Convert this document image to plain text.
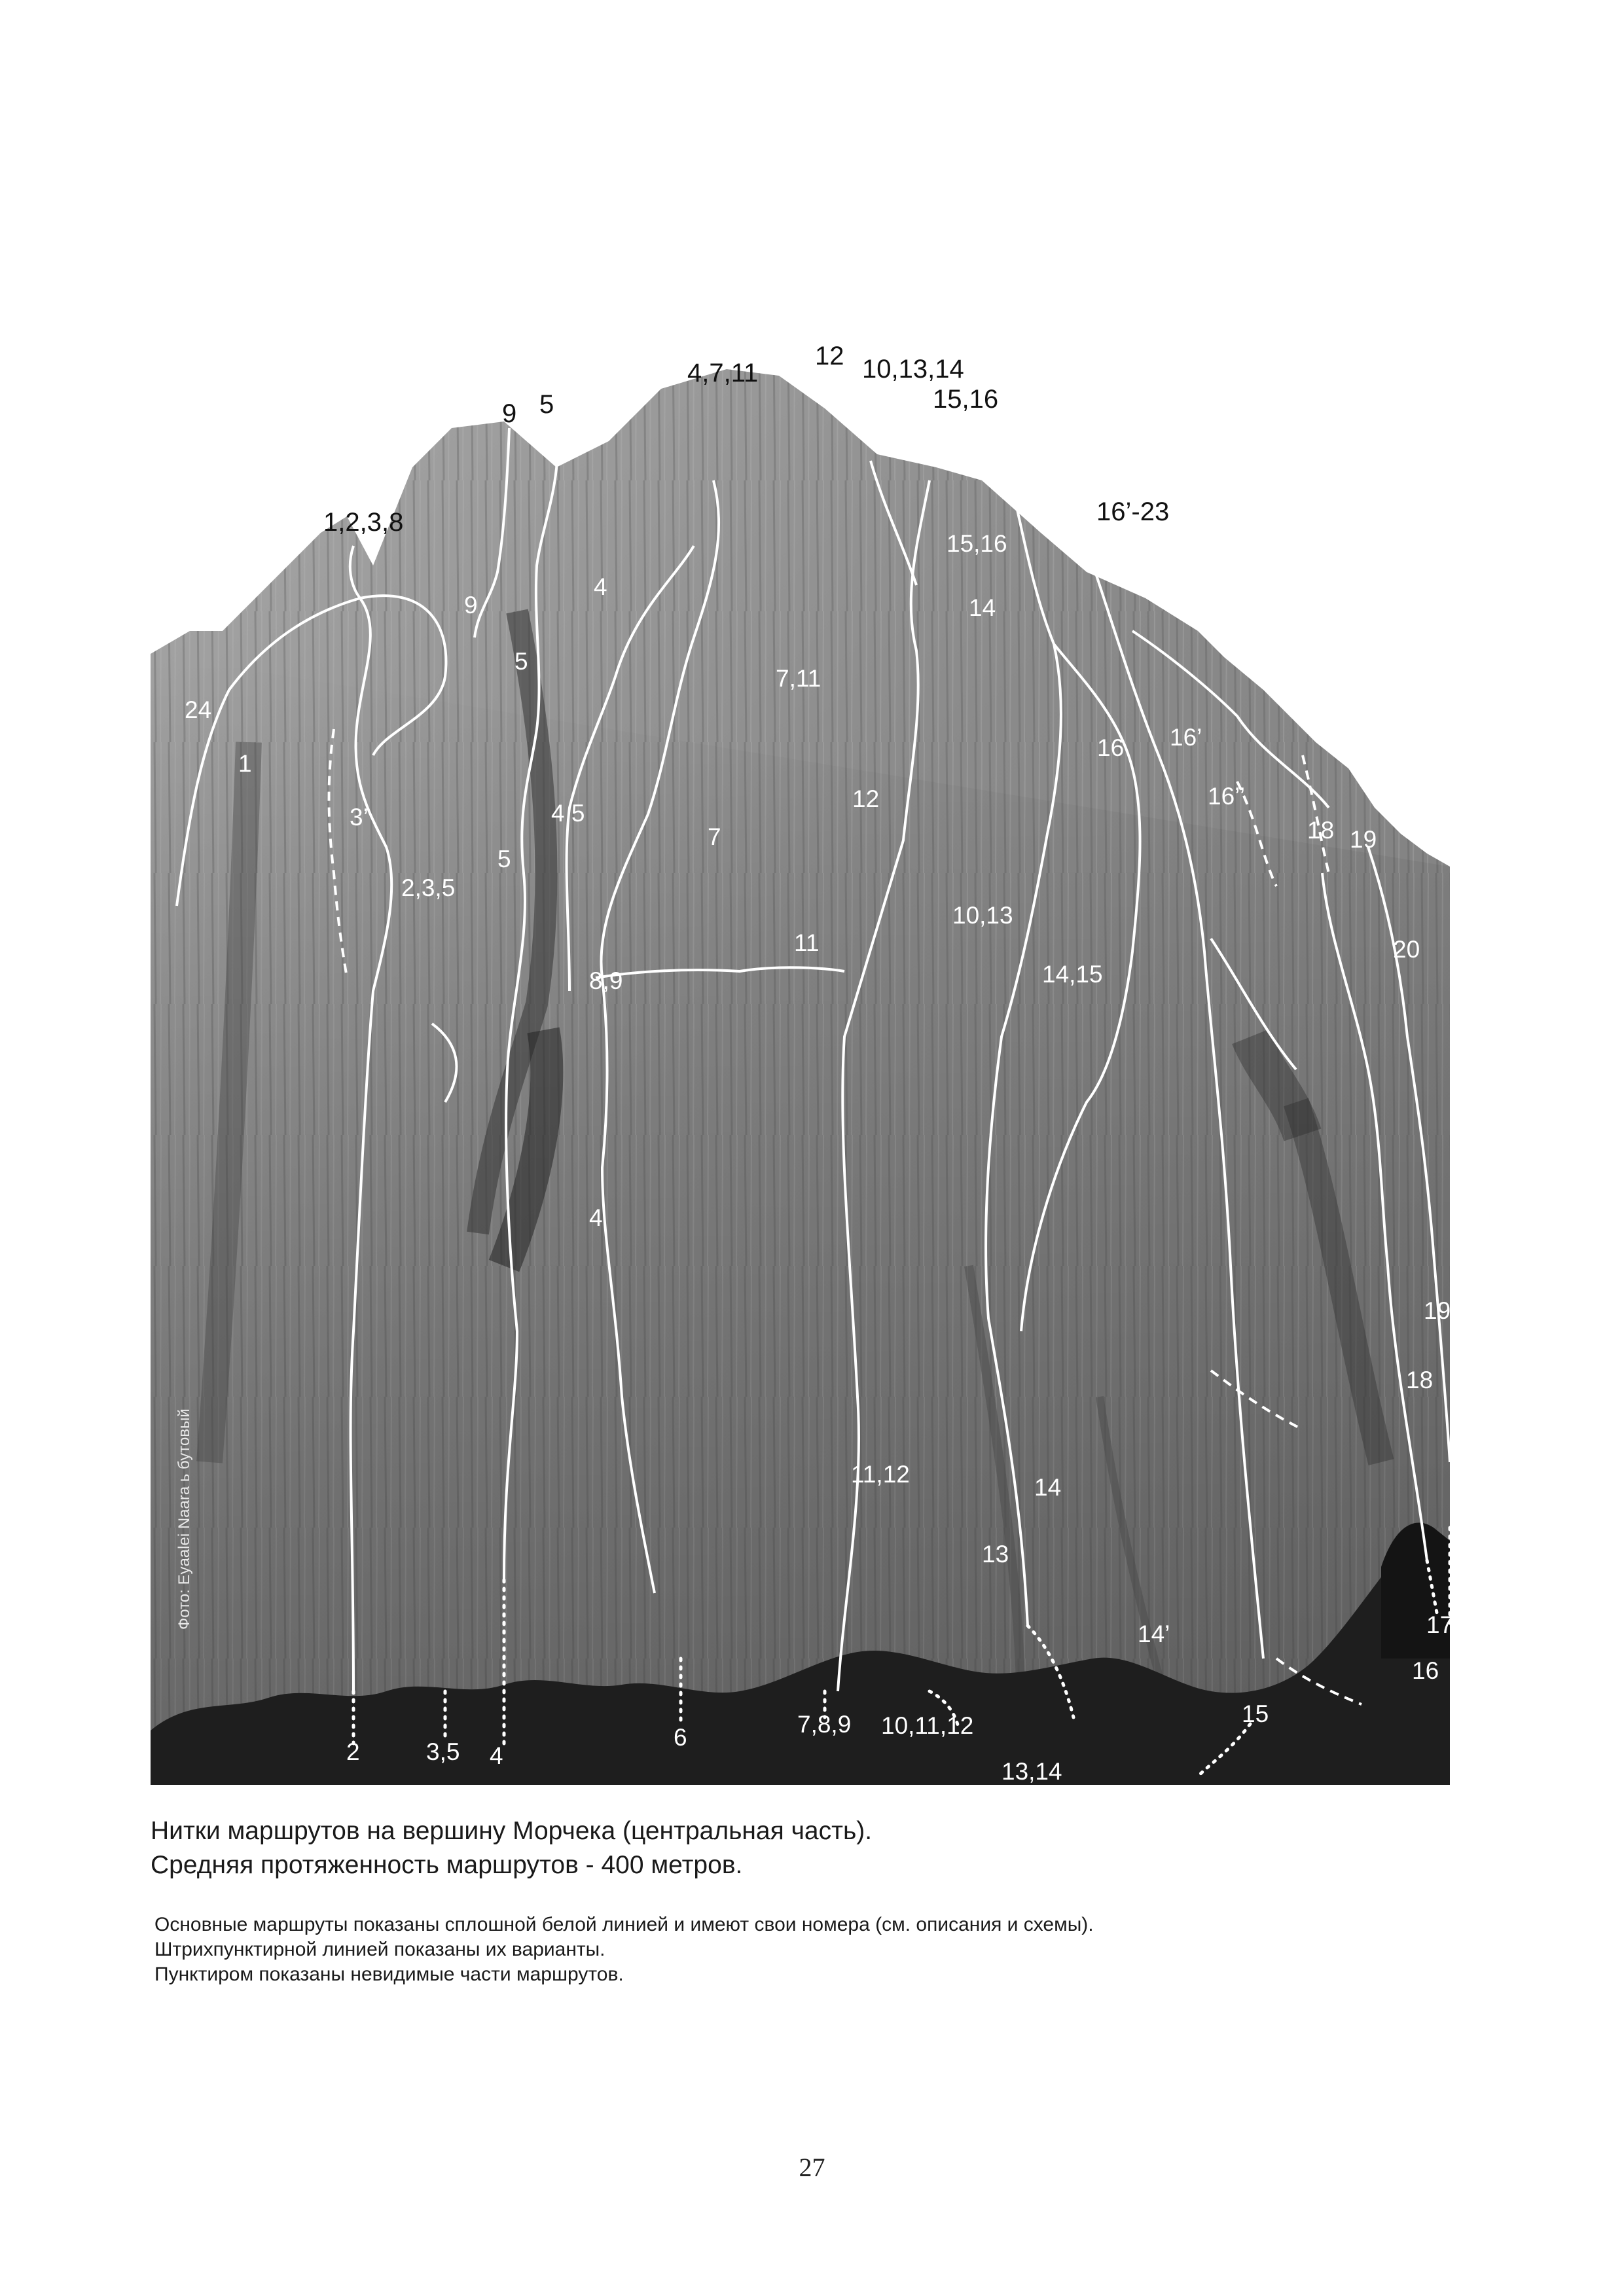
4,7,11
12 10,13,14
15,16
9 5
1,2,3,8	16’-23
15,16
14
9
4
5
7,11
24
1
16 16’	23
16’’
3’
12
18 19
4,5
5
7
2,3,5
10,13
11	20
14,15
8,9
4
19
18
11,12	14
13
17
14’
16
15
2	3,5 4
6	7,8,9 10,11,12
13,14
Фото: Eyaalei Naara ь бутовый
Нитки маршрутов на вершину Морчека (центральная часть).
Средняя протяженность маршрутов - 400 метров.
Основные маршруты показаны сплошной белой линией и имеют свои номера (см. описания и схемы).
Штрихпунктирной линией показаны их варианты.
Пунктиром показаны невидимые части маршрутов.
27
